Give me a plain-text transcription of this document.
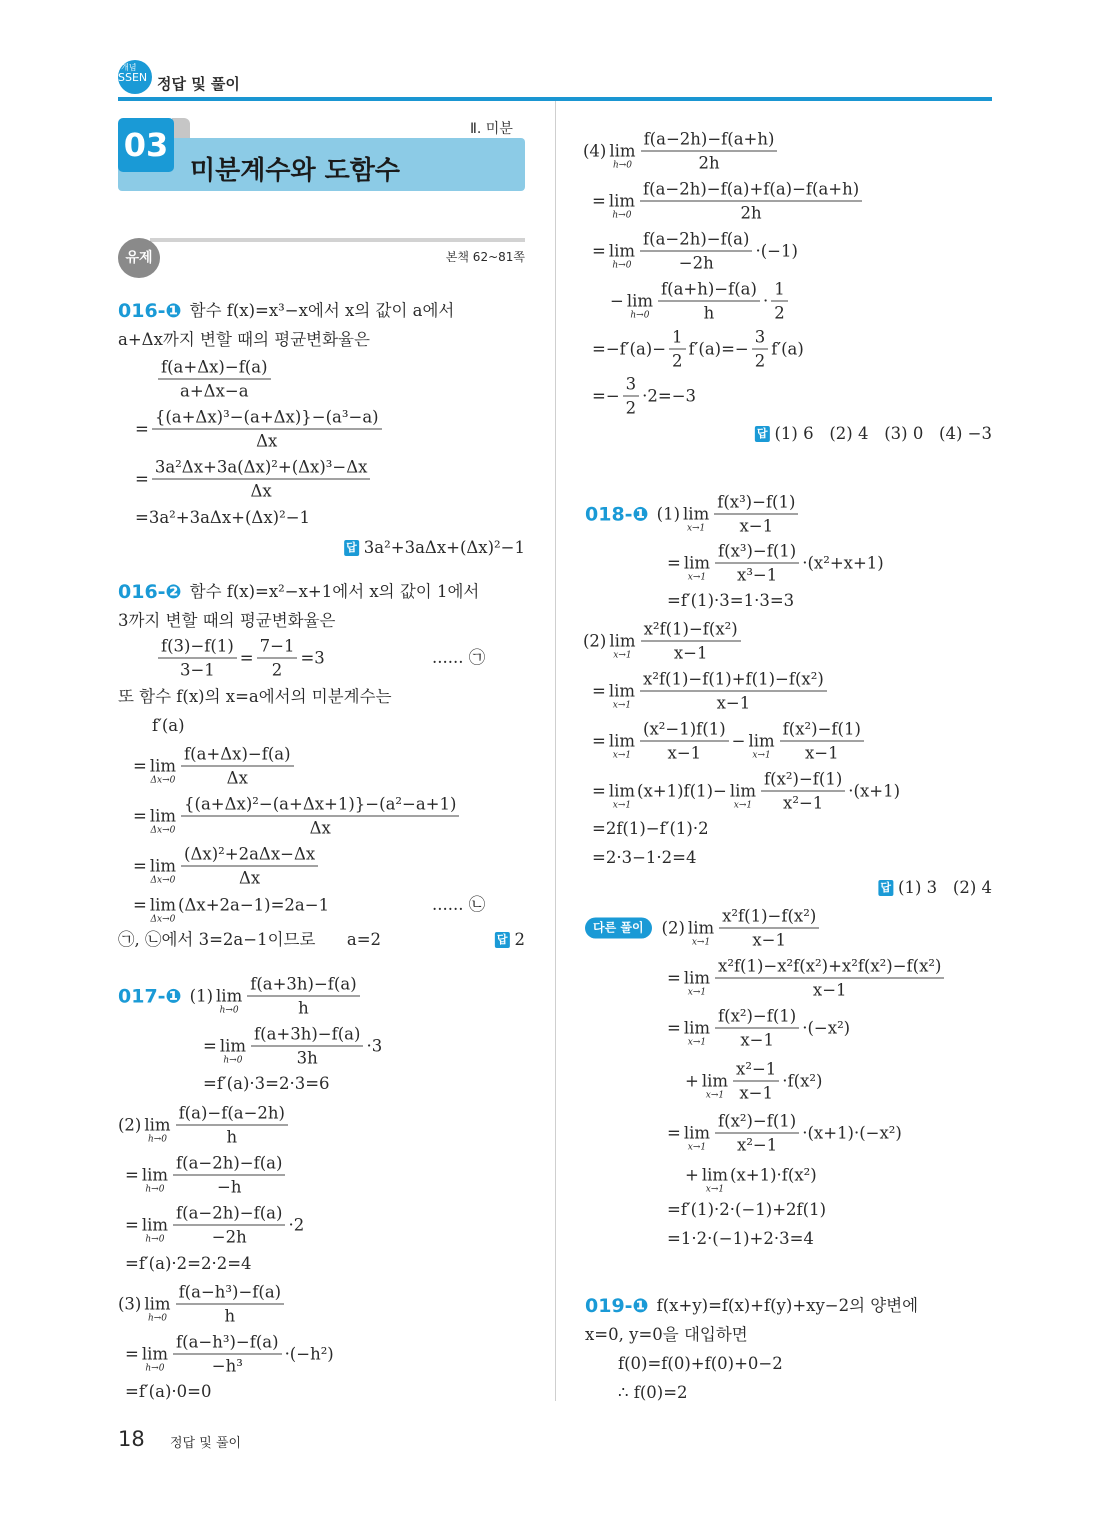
개념
SSEN 정답 및 풀이
Ⅱ. 미분
03
미분계수와 도함수
유제	본책 62~81쪽
016-❶ 함수 f(x)=x³−x에서 x의 값이 a에서
a+Δx까지 변할 때의 평균변화율은
$\frac{f(a+\Delta x)-f(a)}{a+\Delta x-a}$
= $\frac{\text{\{(a+Δx)³−(a+Δx)\}−(a³−a)}}{\Delta x}$
= $\frac{\text{3a²Δx+3a(Δx)²+(Δx)³−Δx}}{\Delta x}$
=3a²+3aΔx+(Δx)²−1
답 3a²+3aΔx+(Δx)²−1
016-❷ 함수 f(x)=x²−x+1에서 x의 값이 1에서
3까지 변할 때의 평균변화율은
$\frac{f(3)-f(1)}{3-1} = \frac{7-1}{2} =3$	...... ㉠
또 함수 f(x)의 x=a에서의 미분계수는
f′(a)
= lim
$\Delta x\to 0 \frac{f(a+\Delta x)-f(a)}{\Delta x}$
= lim
$\Delta x\to 0 \frac{\text{\{(a+Δx)²−(a+Δx+1)\}−(a²−a+1)}}{\Delta x}$
= lim
Δx→0
(Δx)²+2aΔx−Δx
Δx
= lim
Δx→0
(Δx+2a−1)=2a−1	...... ㉡
㉠, ㉡에서 3=2a−1이므로      a=2	답 2
017-❶ (1) lim
$h\to 0 \frac{f(a+3h)-f(a)}{h}$
= lim
$h\to 0 \frac{f(a+3h)-f(a)}{3h} \cdot 3$
=f′(a)·3=2·3=6
(2) lim
$h\to 0 \frac{f(a)-f(a-2h)}{h}$
= lim
$h\to 0 \frac{f(a-2h)-f(a)}{-h}$
= lim
$h\to 0 \frac{f(a-2h)-f(a)}{-2h} \cdot 2$
=f′(a)·2=2·2=4
(3) lim
$h\to 0 \frac{\text{f(a−h³)−f(a)}}{h}$
= lim
$h\to 0 \frac{\text{f(a−h³)−f(a)}}{\text{−h³}} \cdot(-h^2)$
=f′(a)·0=0
(4) lim
$h\to 0 \frac{f(a-2h)-f(a+h)}{2h}$
= lim
$h\to 0 \frac{f(a-2h)-f(a)+f(a)-f(a+h)}{2h}$
= lim
$h\to 0 \frac{f(a-2h)-f(a)}{-2h} \cdot(-1)$
− lim
$h\to 0 \frac{f(a+h)-f(a)}{h} \cdot \frac{1}{2}$
$=-f'(a)- \frac{1}{2} f'(a)=- \frac{3}{2} f'(a)$
=− $\frac{3}{2} \cdot 2=-3$
답 (1) 6   (2) 4   (3) 0   (4) −3
018-❶ (1) lim
$x\to 1 \frac{\text{f(x³)−f(1)}}{x-1}$
= lim
$x\to 1 \frac{\text{f(x³)−f(1)}}{\text{x³−1}} \cdot(x^2+x+1)$
=f′(1)·3=1·3=3
(2) lim
$x\to 1 \frac{\text{x²f(1)−f(x²)}}{x-1}$
= lim
$x\to 1 \frac{\text{x²f(1)−f(1)+f(1)−f(x²)}}{x-1}$
= lim
$x\to 1 \frac{\text{(x²−1)f(1)}}{x-1} - \lim$
$x\to 1 \frac{\text{f(x²)−f(1)}}{x-1}$
= lim
x→1
(x+1)f(1)− lim
$x\to 1 \frac{\text{f(x²)−f(1)}}{\text{x²−1}} \cdot(x+1)$
=2f(1)−f′(1)·2
=2·3−1·2=4
답 (1) 3   (2) 4
다른 풀이	(2) lim
$x\to 1 \frac{\text{x²f(1)−f(x²)}}{x-1}$
= lim
$x\to 1 \frac{\text{x²f(1)−x²f(x²)+x²f(x²)−f(x²)}}{x-1}$
= lim
$x\to 1 \frac{\text{f(x²)−f(1)}}{x-1} \cdot(-x^2)$
+ lim
$x\to 1 \frac{\text{x²−1}}{x-1} \cdot f(x^2)$
= lim
$x\to 1 \frac{\text{f(x²)−f(1)}}{\text{x²−1}} \cdot(x+1)\cdot(-x^2)$
+ lim
x→1
(x+1)·f(x²)
=f′(1)·2·(−1)+2f(1)
=1·2·(−1)+2·3=4
019-❶ f(x+y)=f(x)+f(y)+xy−2의 양변에
x=0, y=0을 대입하면
f(0)=f(0)+f(0)+0−2
∴ f(0)=2
18 정답 및 풀이
